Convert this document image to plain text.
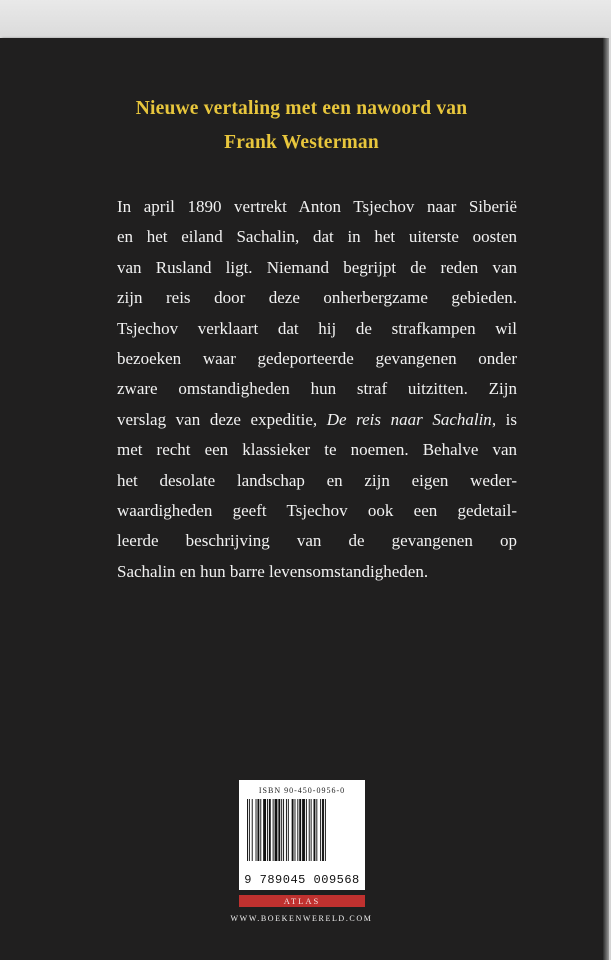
Nieuwe vertaling met een nawoord van
Frank Westerman
In april 1890 vertrekt Anton Tsjechov naar Siberië
en het eiland Sachalin, dat in het uiterste oosten
van Rusland ligt. Niemand begrijpt de reden van
zijn reis door deze onherbergzame gebieden.
Tsjechov verklaart dat hij de strafkampen wil
bezoeken waar gedeporteerde gevangenen onder
zware omstandigheden hun straf uitzitten. Zijn
verslag van deze expeditie, De reis naar Sachalin, is
met recht een klassieker te noemen. Behalve van
het desolate landschap en zijn eigen weder-
waardigheden geeft Tsjechov ook een gedetail-
leerde beschrijving van de gevangenen op
Sachalin en hun barre levensomstandigheden.
ISBN 90-450-0956-0
9 789045 009568
ATLAS
WWW.BOEKENWERELD.COM
